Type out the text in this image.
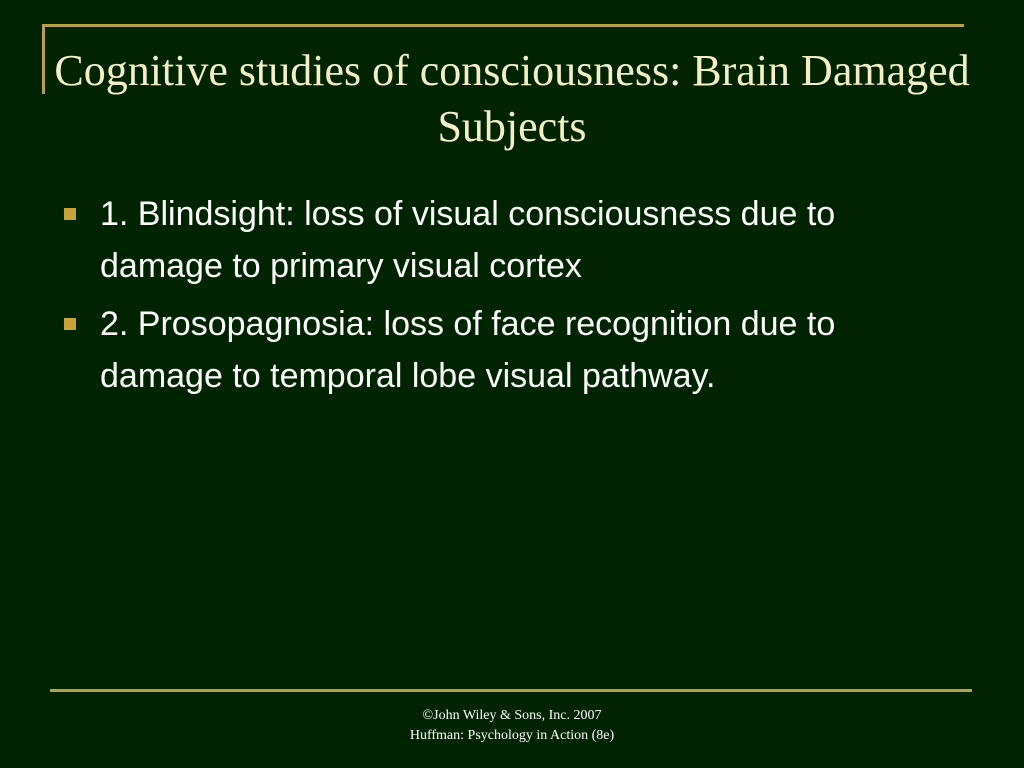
Cognitive studies of consciousness: Brain Damaged Subjects
1. Blindsight: loss of visual consciousness due to damage to primary visual cortex
2. Prosopagnosia: loss of face recognition due to damage to temporal lobe visual pathway.
©John Wiley & Sons, Inc. 2007
Huffman: Psychology in Action (8e)
